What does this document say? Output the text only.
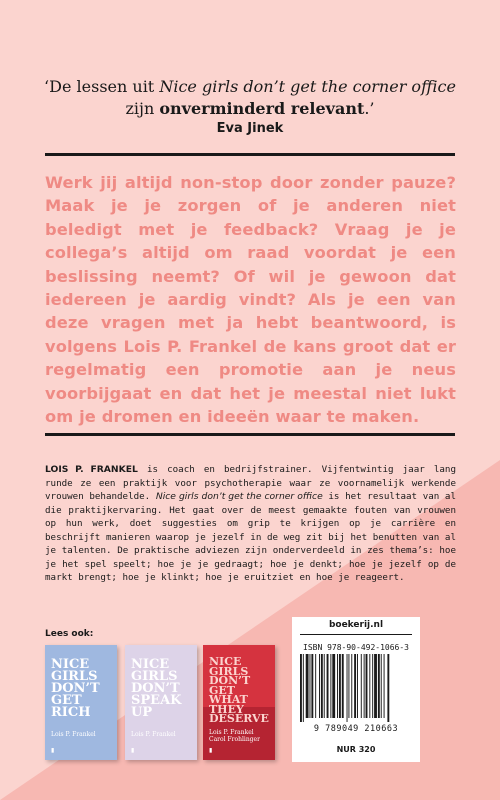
‘De lessen uit Nice girls don’t get the corner office zijn onverminderd relevant.’
Eva Jinek

Werk jij altijd non-stop door zonder pauze? Maak je je zorgen of je anderen niet beledigt met je feedback? Vraag je je collega’s altijd om raad voordat je een beslissing neemt? Of wil je gewoon dat iedereen je aardig vindt? Als je een van deze vragen met ja hebt beantwoord, is volgens Lois P. Frankel de kans groot dat er regelmatig een promotie aan je neus voorbijgaat en dat het je meestal niet lukt om je dromen en ideeën waar te maken.

LOIS P. FRANKEL is coach en bedrijfstrainer. Vijfentwintig jaar lang runde ze een praktijk voor psychotherapie waar ze voornamelijk werkende vrouwen behandelde. Nice girls don’t get the corner office is het resultaat van al die praktijkervaring. Het gaat over de meest gemaakte fouten van vrouwen op hun werk, doet suggesties om grip te krijgen op je carrière en beschrijft manieren waarop je jezelf in de weg zit bij het benutten van al je talenten. De praktische adviezen zijn onderverdeeld in zes thema’s: hoe je het spel speelt; hoe je je gedraagt; hoe je denkt; hoe je jezelf op de markt brengt; hoe je klinkt; hoe je eruitziet en hoe je reageert.

Lees ook:

NICE
GIRLS
DON’T
GET
RICH

Lois P. Frankel
▮

NICE
GIRLS
DON’T
SPEAK
UP

Lois P. Frankel
▮

NICE
GIRLS
DON’T
GET
WHAT
THEY
DESERVE

Lois P. Frankel
Carol Frohlinger
▮
boekerij.nl
ISBN 978-90-492-1066-3
9 789049 210663
NUR 320
